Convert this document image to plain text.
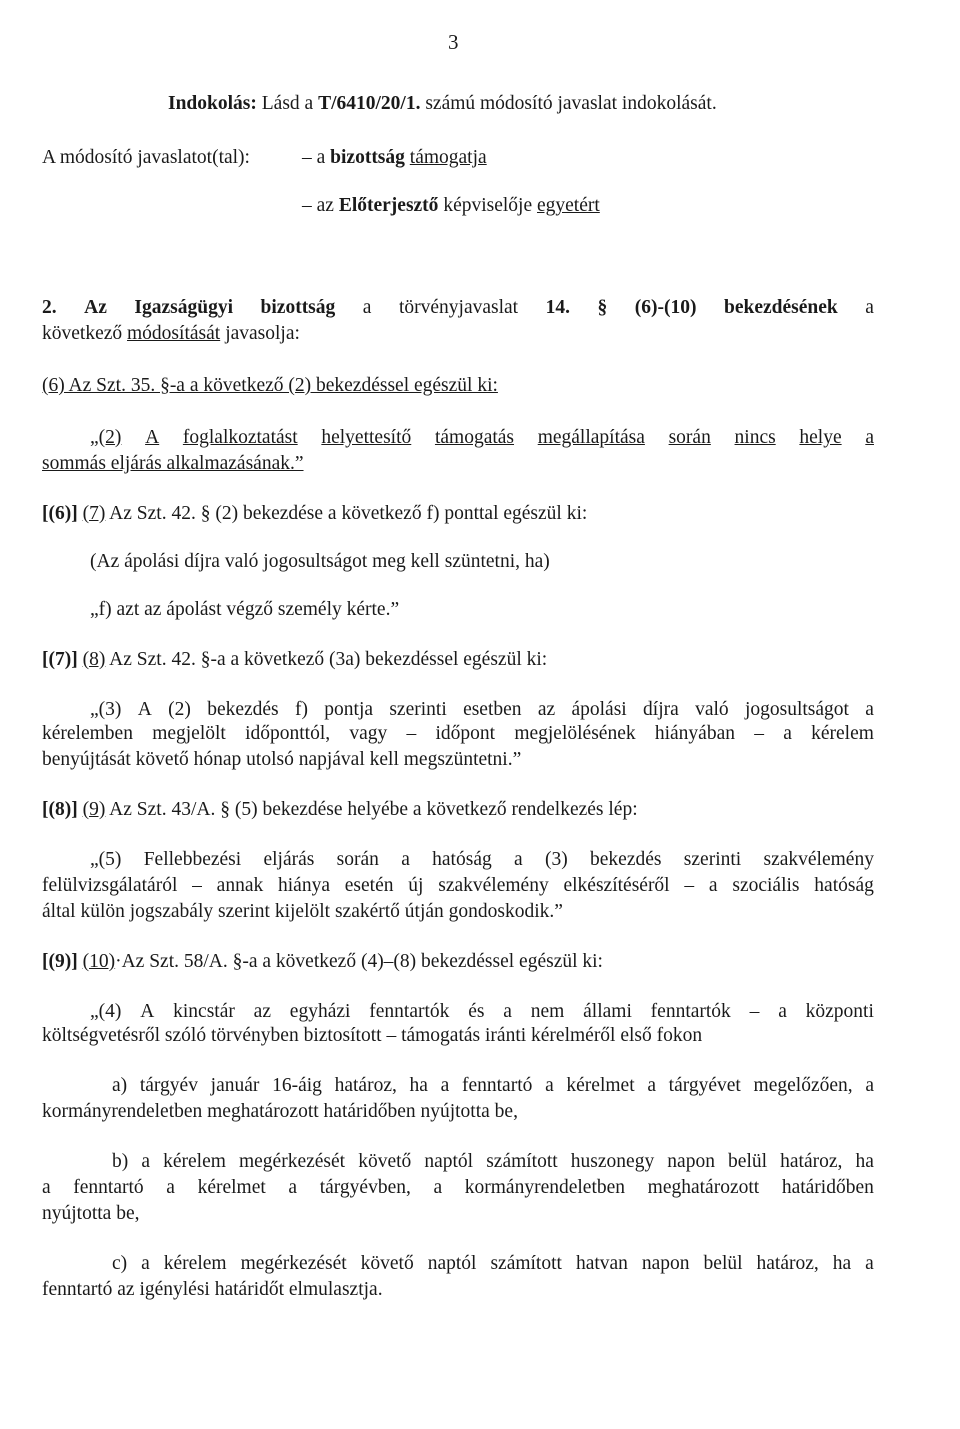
3
Indokolás: Lásd a T/6410/20/1. számú módosító javaslat indokolását.
A módosító javaslatot(tal):	– a bizottság támogatja
– az Előterjesztő képviselője egyetért
2. Az Igazságügyi bizottság a törvényjavaslat 14. § (6)-(10) bekezdésének a
következő módosítását javasolja:
(6) Az Szt. 35. §-a a következő (2) bekezdéssel egészül ki:
„(2) A foglalkoztatást helyettesítő támogatás megállapítása során nincs helye a
sommás eljárás alkalmazásának.”
[(6)] (7) Az Szt. 42. § (2) bekezdése a következő f) ponttal egészül ki:
(Az ápolási díjra való jogosultságot meg kell szüntetni, ha)
„f) azt az ápolást végző személy kérte.”
[(7)] (8) Az Szt. 42. §-a a következő (3a) bekezdéssel egészül ki:
„(3) A (2) bekezdés f) pontja szerinti esetben az ápolási díjra való jogosultságot a
kérelemben megjelölt időponttól, vagy – időpont megjelölésének hiányában – a kérelem
benyújtását követő hónap utolsó napjával kell megszüntetni.”
[(8)] (9) Az Szt. 43/A. § (5) bekezdése helyébe a következő rendelkezés lép:
„(5) Fellebbezési eljárás során a hatóság a (3) bekezdés szerinti szakvélemény
felülvizsgálatáról – annak hiánya esetén új szakvélemény elkészítéséről – a szociális hatóság
által külön jogszabály szerint kijelölt szakértő útján gondoskodik.”
[(9)] (10)·Az Szt. 58/A. §-a a következő (4)–(8) bekezdéssel egészül ki:
„(4) A kincstár az egyházi fenntartók és a nem állami fenntartók – a központi
költségvetésről szóló törvényben biztosított – támogatás iránti kérelméről első fokon
a) tárgyév január 16-áig határoz, ha a fenntartó a kérelmet a tárgyévet megelőzően, a
kormányrendeletben meghatározott határidőben nyújtotta be,
b) a kérelem megérkezését követő naptól számított huszonegy napon belül határoz, ha
a fenntartó a kérelmet a tárgyévben, a kormányrendeletben meghatározott határidőben
nyújtotta be,
c) a kérelem megérkezését követő naptól számított hatvan napon belül határoz, ha a
fenntartó az igénylési határidőt elmulasztja.
